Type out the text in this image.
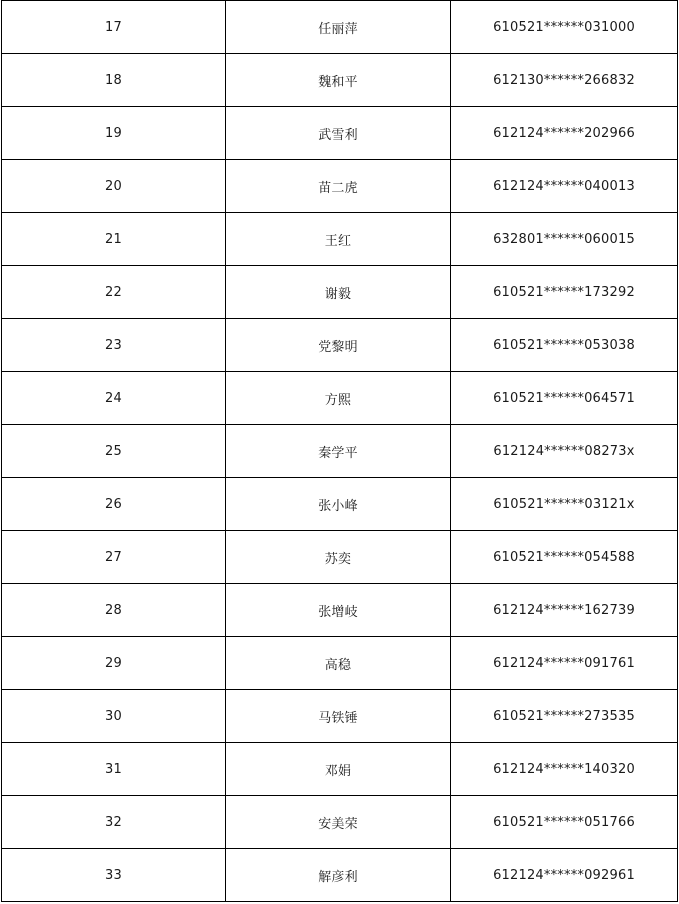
17	任丽萍	610521******031000
18	魏和平	612130******266832
19	武雪利	612124******202966
20	苗二虎	612124******040013
21	王红	632801******060015
22	谢毅	610521******173292
23	党黎明	610521******053038
24	方熙	610521******064571
25	秦学平	612124******08273x
26	张小峰	610521******03121x
27	苏奕	610521******054588
28	张增岐	612124******162739
29	高稳	612124******091761
30	马铁锤	610521******273535
31	邓娟	612124******140320
32	安美荣	610521******051766
33	解彦利	612124******092961
